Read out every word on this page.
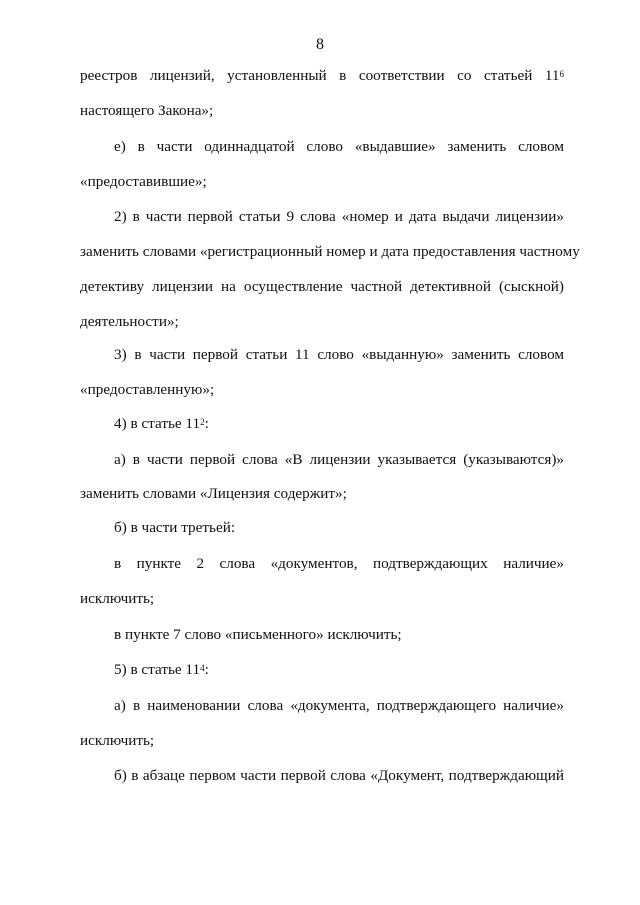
8
реестров лицензий, установленный в соответствии со статьей $11^6$
настоящего Закона»;
е) в части одиннадцатой слово «выдавшие» заменить словом
«предоставившие»;
2) в части первой статьи 9 слова «номер и дата выдачи лицензии»
заменить словами «регистрационный номер и дата предоставления частному
детективу лицензии на осуществление частной детективной (сыскной)
деятельности»;
3) в части первой статьи 11 слово «выданную» заменить словом
«предоставленную»;
4) в статье $11^2$:
а) в части первой слова «В лицензии указывается (указываются)»
заменить словами «Лицензия содержит»;
б) в части третьей:
в пункте 2 слова «документов, подтверждающих наличие»
исключить;
в пункте 7 слово «письменного» исключить;
5) в статье $11^4$:
а) в наименовании слова «документа, подтверждающего наличие»
исключить;
б) в абзаце первом части первой слова «Документ, подтверждающий
